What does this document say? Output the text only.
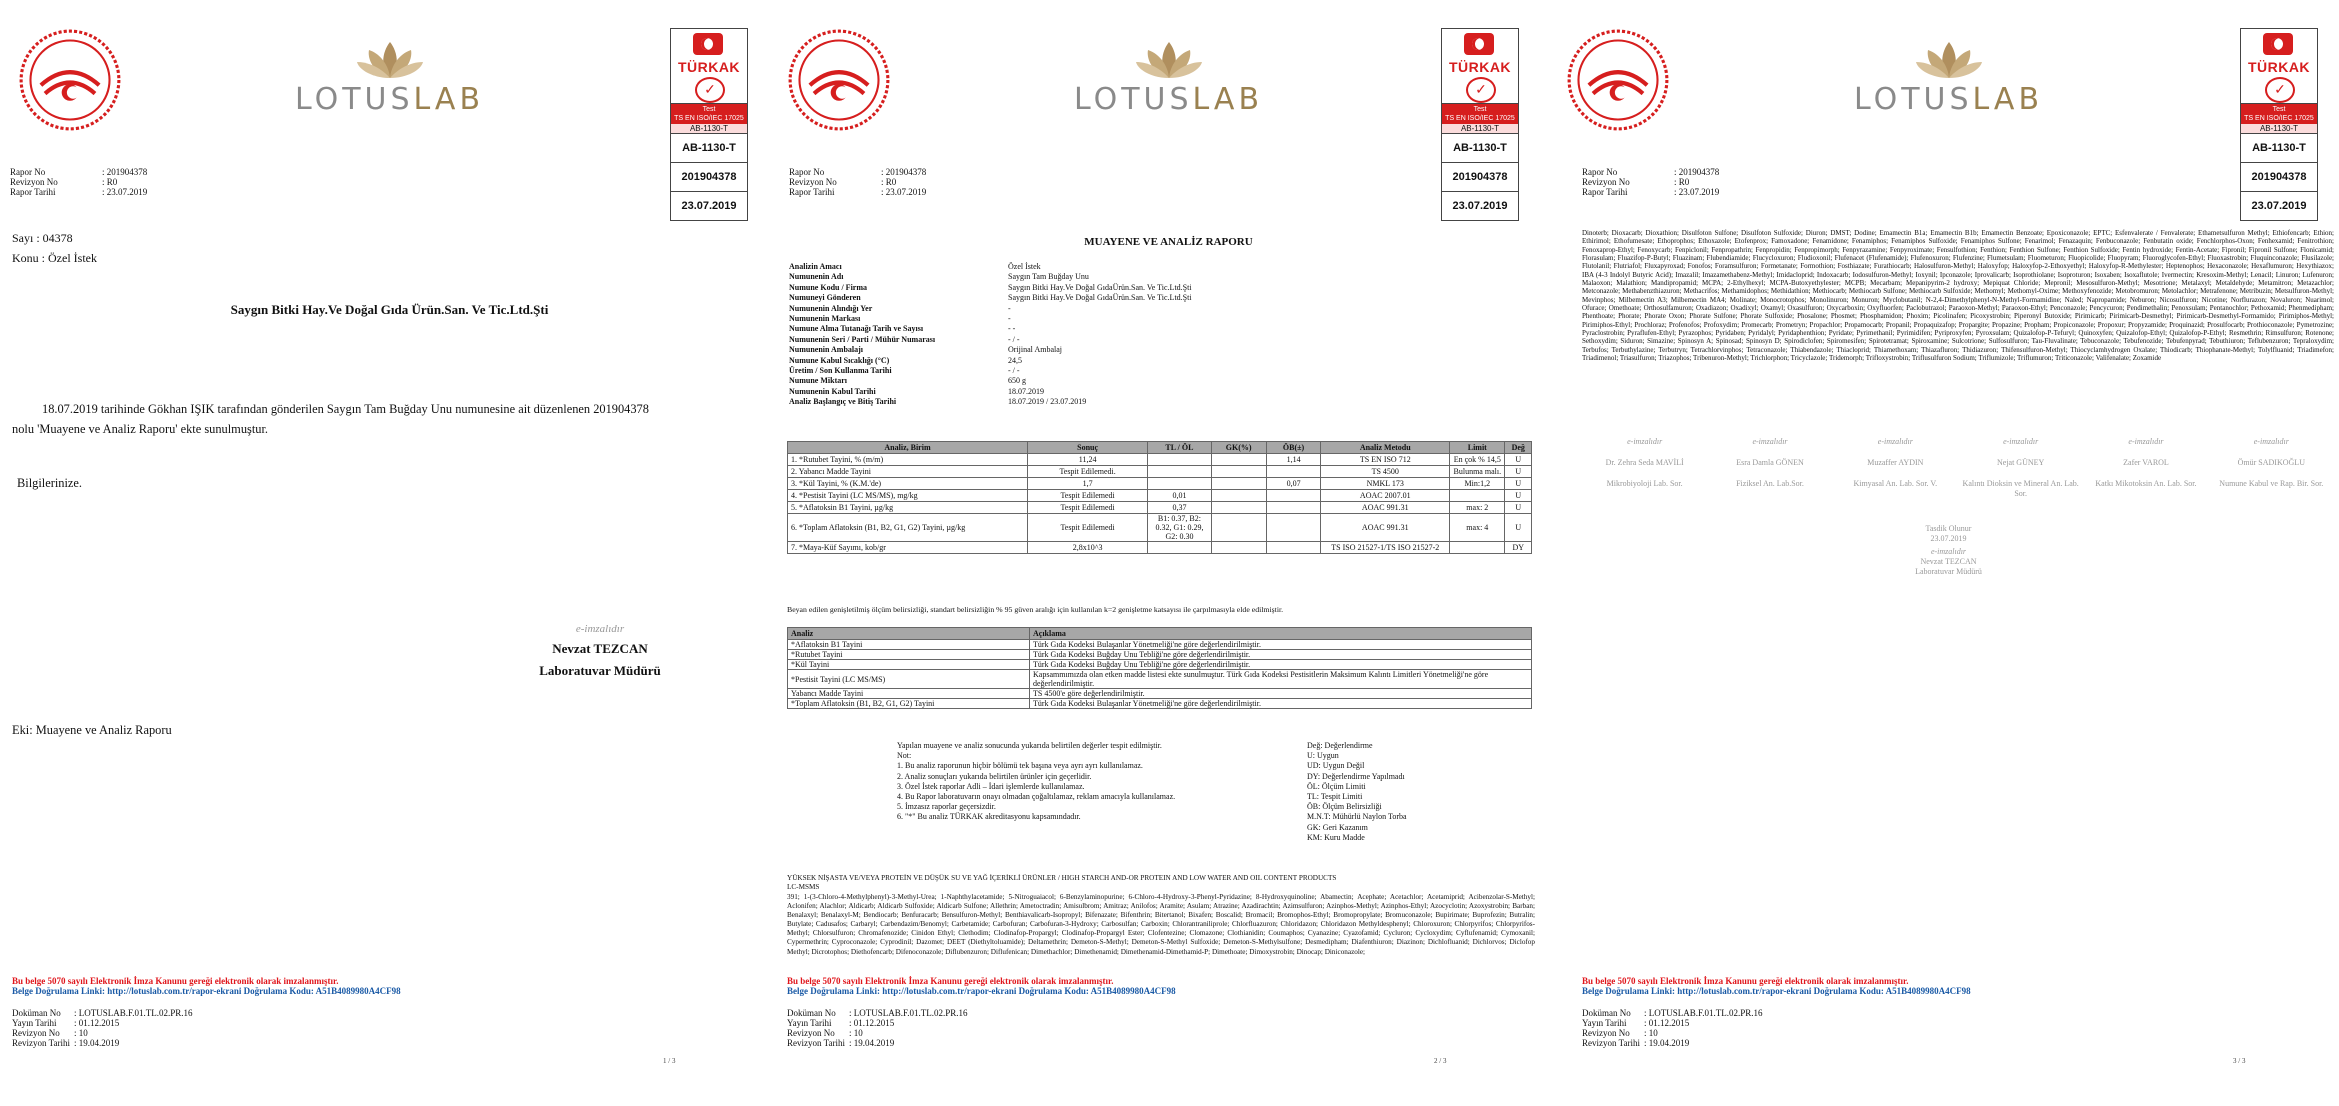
LOTUSLAB
TÜRKAK
✓
Test
TS EN ISO/IEC 17025
AB-1130-T
AB-1130-T
201904378
23.07.2019
Rapor No	: 201904378
Revizyon No	: R0
Rapor Tarihi	: 23.07.2019
Sayı : 04378
Konu : Özel İstek
Saygın Bitki Hay.Ve Doğal Gıda Ürün.San. Ve Tic.Ltd.Şti
18.07.2019 tarihinde Gökhan IŞIK tarafından gönderilen Saygın Tam Buğday Unu numunesine ait düzenlenen 201904378
nolu 'Muayene ve Analiz Raporu' ekte sunulmuştur.
Bilgilerinize.
e-imzalıdır
Nevzat TEZCAN
Laboratuvar Müdürü
Eki: Muayene ve Analiz Raporu
Bu belge 5070 sayılı Elektronik İmza Kanunu gereği elektronik olarak imzalanmıştır.
Belge Doğrulama Linki: http://lotuslab.com.tr/rapor-ekrani Doğrulama Kodu: A51B4089980A4CF98
Doküman No : LOTUSLAB.F.01.TL.02.PR.16
Yayın Tarihi : 01.12.2015
Revizyon No : 10
Revizyon Tarihi : 19.04.2019
1 / 3
LOTUSLAB
TÜRKAK
✓
Test
TS EN ISO/IEC 17025
AB-1130-T
AB-1130-T
201904378
23.07.2019
Rapor No	: 201904378
Revizyon No	: R0
Rapor Tarihi	: 23.07.2019
MUAYENE VE ANALİZ RAPORU
Analizin Amacı	Özel İstek
Numunenin Adı	Saygın Tam Buğday Unu
Numune Kodu / Firma	Saygın Bitki Hay.Ve Doğal GıdaÜrün.San. Ve Tic.Ltd.Şti
Numuneyi Gönderen	Saygın Bitki Hay.Ve Doğal GıdaÜrün.San. Ve Tic.Ltd.Şti
Numunenin Alındığı Yer	-
Numunenin Markası	-
Numune Alma Tutanağı Tarih ve Sayısı	- -
Numunenin Seri / Parti / Mühür Numarası	- / -
Numunenin Ambalajı	Orijinal Ambalaj
Numune Kabul Sıcaklığı (°C)	24,5
Üretim / Son Kullanma Tarihi	- / -
Numune Miktarı	650 g
Numunenin Kabul Tarihi	18.07.2019
Analiz Başlangıç ve Bitiş Tarihi	18.07.2019 / 23.07.2019
Analiz, Birim	Sonuç	TL / ÖL	GK(%)	ÖB(±)	Analiz Metodu	Limit	Değ
1. *Rutubet Tayini, % (m/m)	11,24			1,14	TS EN ISO 712	En çok % 14,5	U
2. Yabancı Madde Tayini	Tespit Edilemedi.				TS 4500	Bulunma malı.	U
3. *Kül Tayini, % (K.M.'de)	1,7			0,07	NMKL 173	Min:1,2	U
4. *Pestisit Tayini (LC MS/MS), mg/kg	Tespit Edilemedi	0,01			AOAC 2007.01		U
5. *Aflatoksin B1 Tayini, µg/kg	Tespit Edilemedi	0,37			AOAC 991.31	max: 2	U
6. *Toplam Aflatoksin (B1, B2, G1, G2) Tayini, µg/kg	Tespit Edilemedi	B1: 0.37, B2: 0.32, G1: 0.29, G2: 0.30			AOAC 991.31	max: 4	U
7. *Maya-Küf Sayımı, kob/gr	2,8x10^3				TS ISO 21527-1/TS ISO 21527-2		DY
Beyan edilen genişletilmiş ölçüm belirsizliği, standart belirsizliğin % 95 güven aralığı için kullanılan k=2 genişletme katsayısı ile çarpılmasıyla elde edilmiştir.
Analiz	Açıklama
*Aflatoksin B1 Tayini	Türk Gıda Kodeksi Bulaşanlar Yönetmeliği'ne göre değerlendirilmiştir.
*Rutubet Tayini	Türk Gıda Kodeksi Buğday Unu Tebliği'ne göre değerlendirilmiştir.
*Kül Tayini	Türk Gıda Kodeksi Buğday Unu Tebliği'ne göre değerlendirilmiştir.
*Pestisit Tayini (LC MS/MS)	Kapsammımızda olan etken madde listesi ekte sunulmuştur. Türk Gıda Kodeksi Pestisitlerin Maksimum Kalıntı Limitleri Yönetmeliği'ne göre değerlendirilmiştir.
Yabancı Madde Tayini	TS 4500'e göre değerlendirilmiştir.
*Toplam Aflatoksin (B1, B2, G1, G2) Tayini	Türk Gıda Kodeksi Bulaşanlar Yönetmeliği'ne göre değerlendirilmiştir.
Yapılan muayene ve analiz sonucunda yukarıda belirtilen değerler tespit edilmiştir.
Not:
1. Bu analiz raporunun hiçbir bölümü tek başına veya ayrı ayrı kullanılamaz.
2. Analiz sonuçları yukarıda belirtilen ürünler için geçerlidir.
3. Özel İstek raporlar Adli – İdari işlemlerde kullanılamaz.
4. Bu Rapor laboratuvarın onayı olmadan çoğaltılamaz, reklam amacıyla kullanılamaz.
5. İmzasız raporlar geçersizdir.
6. "*" Bu analiz TÜRKAK akreditasyonu kapsamındadır.
Değ: Değerlendirme
U: Uygun
UD: Uygun Değil
DY: Değerlendirme Yapılmadı
ÖL: Ölçüm Limiti
TL: Tespit Limiti
ÖB: Ölçüm Belirsizliği
M.N.T: Mühürlü Naylon Torba
GK: Geri Kazanım
KM: Kuru Madde
YÜKSEK NİŞASTA VE/VEYA PROTEİN VE DÜŞÜK SU VE YAĞ İÇERİKLİ ÜRÜNLER / HIGH STARCH AND-OR PROTEIN AND LOW WATER AND OIL CONTENT PRODUCTS
LC-MSMS
391; 1-(3-Chloro-4-Methylphenyl)-3-Methyl-Urea; 1-Naphthylacetamide; 5-Nitroguaiacol; 6-Benzylaminopurine; 6-Chloro-4-Hydroxy-3-Phenyl-Pyridazine; 8-Hydroxyquinoline; Abamectin; Acephate; Acetachlor; Acetamiprid; Acibenzolar-S-Methyl; Aclonifen; Alachlor; Aldicarb; Aldicarb Sulfoxide; Aldicarb Sulfone; Allethrin; Ametoctradin; Amisulbrom; Amitraz; Anilofos; Aramite; Asulam; Atrazine; Azadirachtin; Azimsulfuron; Azinphos-Methyl; Azinphos-Ethyl; Azocyclotin; Azoxystrobin; Barban; Benalaxyl; Benalaxyl-M; Bendiocarb; Benfuracarb; Bensulfuron-Methyl; Benthiavalicarb-Isopropyl; Bifenazate; Bifenthrin; Bitertanol; Bixafen; Boscalid; Bromacil; Bromophos-Ethyl; Bromopropylate; Bromuconazole; Bupirimate; Buprofezin; Butralin; Butylate; Cadusafos; Carbaryl; Carbendazim/Benomyl; Carbetamide; Carbofuran; Carbofuran-3-Hydroxy; Carbosulfan; Carboxin; Chlorantraniliprole; Chlorfluazuron; Chloridazon; Chloridazon Methyldesphenyl; Chloroxuron; Chlorpyrifos; Chlorpyrifos-Methyl; Chlorsulfuron; Chromafenozide; Cinidon Ethyl; Clethodim; Clodinafop-Propargyl; Clodinafop-Propargyl Ester; Clofentezine; Clomazone; Clothianidin; Coumaphos; Cyanazine; Cyazofamid; Cycluron; Cycloxydim; Cyflufenamid; Cymoxanil; Cypermethrin; Cyproconazole; Cyprodinil; Dazomet; DEET (Diethyltoluamide); Deltamethrin; Demeton-S-Methyl; Demeton-S-Methyl Sulfoxide; Demeton-S-Methylsulfone; Desmedipham; Diafenthiuron; Diazinon; Dichlofluanid; Dichlorvos; Diclofop Methyl; Dicrotophos; Diethofencarb; Difenoconazole; Diflubenzuron; Diflufenican; Dimethachlor; Dimethenamid; Dimethenamid-Dimethamid-P; Dimethoate; Dimoxystrobin; Dinocap; Diniconazole;
Bu belge 5070 sayılı Elektronik İmza Kanunu gereği elektronik olarak imzalanmıştır.
Belge Doğrulama Linki: http://lotuslab.com.tr/rapor-ekrani Doğrulama Kodu: A51B4089980A4CF98
Doküman No : LOTUSLAB.F.01.TL.02.PR.16
Yayın Tarihi : 01.12.2015
Revizyon No : 10
Revizyon Tarihi : 19.04.2019
2 / 3
LOTUSLAB
TÜRKAK
✓
Test
TS EN ISO/IEC 17025
AB-1130-T
AB-1130-T
201904378
23.07.2019
Rapor No	: 201904378
Revizyon No	: R0
Rapor Tarihi	: 23.07.2019
Dinoterb; Dioxacarb; Dioxathion; Disulfoton Sulfone; Disulfoton Sulfoxide; Diuron; DMST; Dodine; Emamectin B1a; Emamectin B1b; Emamectin Benzoate; Epoxiconazole; EPTC; Esfenvalerate / Fenvalerate; Ethametsulfuron Methyl; Ethiofencarb; Ethion; Ethirimol; Ethofumesate; Ethoprophos; Ethoxazole; Etofenprox; Famoxadone; Fenamidone; Fenamiphos; Fenamiphos Sulfoxide; Fenamiphos Sulfone; Fenarimol; Fenazaquin; Fenbuconazole; Fenbutatin oxide; Fenchlorphos-Oxon; Fenhexamid; Fenitrothion; Fenoxaprop-Ethyl; Fenoxycarb; Fenpiclonil; Fenpropathrin; Fenpropidin; Fenpropimorph; Fenpyrazamine; Fenpyroximate; Fensulfothion; Fenthion; Fenthion Sulfone; Fenthion Sulfoxide; Fentin hydroxide; Fentin-Acetate; Fipronil; Fipronil Sulfone; Flonicamid; Florasulam; Fluazifop-P-Butyl; Fluazinam; Flubendiamide; Flucycloxuron; Fludioxonil; Flufenacet (Flufenamide); Flufenoxuron; Flufenzine; Flumetsulam; Fluometuron; Fluopicolide; Fluopyram; Fluoroglycofen-Ethyl; Fluoxastrobin; Fluquinconazole; Flusilazole; Flutolanil; Flutriafol; Fluxapyroxad; Fonofos; Foramsulfuron; Formetanate; Formothion; Fosthiazate; Furathiocarb; Halosulfuron-Methyl; Haloxyfop; Haloxyfop-2-Ethoxyethyl; Haloxyfop-R-Methylester; Heptenophos; Hexaconazole; Hexaflumuron; Hexythiazox; IBA (4-3 Indolyl Butyric Acid); Imazalil; Imazamethabenz-Methyl; Imidacloprid; Indoxacarb; Iodosulfuron-Methyl; Ioxynil; Ipconazole; Iprovalicarb; Isoprothiolane; Isoproturon; Isoxaben; Isoxaflutole; Ivermectin; Kresoxim-Methyl; Lenacil; Linuron; Lufenuron; Malaoxon; Malathion; Mandipropamid; MCPA; 2-Ethylhexyl; MCPA-Butoxyethylester; MCPB; Mecarbam; Mepanipyrim-2 hydroxy; Mepiquat Chloride; Mepronil; Mesosulfuron-Methyl; Mesotrione; Metalaxyl; Metaldehyde; Metamitron; Metazachlor; Metconazole; Methabenzthiazuron; Methacrifos; Methamidophos; Methidathion; Methiocarb; Methiocarb Sulfone; Methiocarb Sulfoxide; Methomyl; Methomyl-Oxime; Methoxyfenozide; Metobromuron; Metolachlor; Metrafenone; Metribuzin; Metsulfuron-Methyl; Mevinphos; Milbemectin A3; Milbemectin MA4; Molinate; Monocrotophos; Monolinuron; Monuron; Myclobutanil; N-2,4-Dimethylphenyl-N-Methyl-Formamidine; Naled; Napropamide; Neburon; Nicosulfuron; Nicotine; Norflurazon; Novaluron; Nuarimol; Ofurace; Omethoate; Orthosulfamuron; Oxadiazon; Oxadixyl; Oxamyl; Oxasulfuron; Oxycarboxin; Oxyfluorfen; Paclobutrazol; Paraoxon-Methyl; Paraoxon-Ethyl; Penconazole; Pencycuron; Pendimethalin; Penoxsulam; Pentanochlor; Pethoxamid; Phenmedipham; Phenthoate; Phorate; Phorate Oxon; Phorate Sulfone; Phorate Sulfoxide; Phosalone; Phosmet; Phosphamidon; Phoxim; Picolinafen; Picoxystrobin; Piperonyl Butoxide; Pirimicarb; Pirimicarb-Desmethyl; Pirimicarb-Desmethyl-Formamido; Pirimiphos-Methyl; Pirimiphos-Ethyl; Prochloraz; Profenofos; Profoxydim; Promecarb; Prometryn; Propachlor; Propamocarb; Propanil; Propaquizafop; Propargite; Propazine; Propham; Propiconazole; Propoxur; Propyzamide; Proquinazid; Prosulfocarb; Prothioconazole; Pymetrozine; Pyraclostrobin; Pyraflufen-Ethyl; Pyrazophos; Pyridaben; Pyridalyl; Pyridaphenthion; Pyridate; Pyrimethanil; Pyrimidifen; Pyriproxyfen; Pyroxsulam; Quizalofop-P-Tefuryl; Quinoxyfen; Quizalofop-Ethyl; Quizalofop-P-Ethyl; Resmethrin; Rimsulfuron; Rotenone; Sethoxydim; Siduron; Simazine; Spinosyn A; Spinosad; Spinosyn D; Spirodiclofen; Spiromesifen; Spirotetramat; Spiroxamine; Sulcotrione; Sulfosulfuron; Tau-Fluvalinate; Tebuconazole; Tebufenozide; Tebufenpyrad; Tebuthiuron; Teflubenzuron; Tepraloxydim; Terbufos; Terbuthylazine; Terbutryn; Tetrachlorvinphos; Tetraconazole; Thiabendazole; Thiacloprid; Thiamethoxam; Thiazafluron; Thidiazuron; Thifensulfuron-Methyl; Thiocyclamhydrogen Oxalate; Thiodicarb; Thiophanate-Methyl; Tolylfluanid; Triadimefon; Triadimenol; Triasulfuron; Triazophos; Tribenuron-Methyl; Trichlorphon; Tricyclazole; Tridemorph; Trifloxystrobin; Triflusulfuron Sodium; Triflumizole; Triflumuron; Triticonazole; Valifenalate; Zoxamide
e-imzalıdır
Dr. Zehra Seda MAVİLİ
Mikrobiyoloji Lab. Sor.
e-imzalıdır
Esra Damla GÖNEN
Fiziksel An. Lab.Sor.
e-imzalıdır
Muzaffer AYDIN
Kimyasal An. Lab. Sor. V.
e-imzalıdır
Nejat GÜNEY
Kalıntı Dioksin ve Mineral An. Lab. Sor.
e-imzalıdır
Zafer VAROL
Katkı Mikotoksin An. Lab. Sor.
e-imzalıdır
Ömür SADIKOĞLU
Numune Kabul ve Rap. Bir. Sor.
Tasdik Olunur
23.07.2019
e-imzalıdır
Nevzat TEZCAN
Laboratuvar Müdürü
Bu belge 5070 sayılı Elektronik İmza Kanunu gereği elektronik olarak imzalanmıştır.
Belge Doğrulama Linki: http://lotuslab.com.tr/rapor-ekrani Doğrulama Kodu: A51B4089980A4CF98
Doküman No : LOTUSLAB.F.01.TL.02.PR.16
Yayın Tarihi : 01.12.2015
Revizyon No : 10
Revizyon Tarihi : 19.04.2019
3 / 3
